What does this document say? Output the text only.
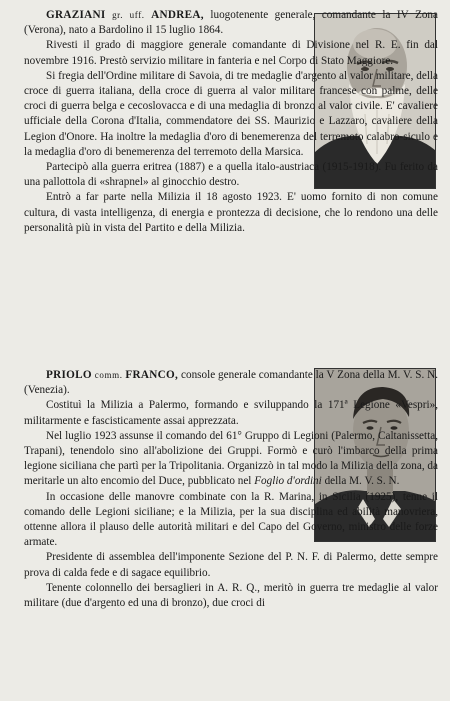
GRAZIANI gr. uff. ANDREA, luogotenente generale, comandante la IV Zona (Verona), nato a Bardolino il 15 luglio 1864.

Rivesti il grado di maggiore generale comandante di Divisione nel R. E. fin dal novembre 1916. Prestò servizio militare in fanteria e nel Corpo di Stato Maggiore.

Si fregia dell'Ordine militare di Savoia, di tre medaglie d'argento al valor militare, della croce di guerra italiana, della croce di guerra al valor militare francese con palme, delle croci di guerra belga e cecoslovacca e di una medaglia di bronzo al valor civile. E' cavaliere ufficiale della Corona d'Italia, commendatore dei SS. Maurizio e Lazzaro, cavaliere della Legion d'Onore. Ha inoltre la medaglia d'oro di benemerenza del terremoto calabro-siculo e la medaglia d'oro di benemerenza del terremoto della Marsica.

Partecipò alla guerra eritrea (1887) e a quella italo-austriaca (1915-1918). Fu ferito da una pallottola di «shrapnel» al ginocchio destro.

Entrò a far parte nella Milizia il 18 agosto 1923. E' uomo fornito di non comune cultura, di vasta intelligenza, di energia e prontezza di decisione, che lo rendono una delle personalità più in vista del Partito e della Milizia.

PRIOLO comm. FRANCO, console generale comandante la V Zona della M. V. S. N. (Venezia).

Costituì la Milizia a Palermo, formando e sviluppando la 171ª Legione «Vespri», militarmente e fascisticamente assai apprezzata.

Nel luglio 1923 assunse il comando del 61° Gruppo di Legioni (Palermo, Caltanissetta, Trapani), tenendolo sino all'abolizione dei Gruppi. Formò e curò l'imbarco della prima legione siciliana che partì per la Tripolitania. Organizzò in tal modo la Milizia della zona, da meritarle un alto encomio del Duce, pubblicato nel Foglio d'ordini della M. V. S. N.

In occasione delle manovre combinate con la R. Marina, in Sicilia (1925), tenne il comando delle Legioni siciliane; e la Milizia, per la sua disciplina ed abilità manovriera, ottenne allora il plauso delle autorità militari e del Capo del Governo, ministro delle forze armate.

Presidente di assemblea dell'imponente Sezione del P. N. F. di Palermo, dette sempre prova di calda fede e di sagace equilibrio.

Tenente colonnello dei bersaglieri in A. R. Q., meritò in guerra tre medaglie al valor militare (due d'argento ed una di bronzo), due croci di
